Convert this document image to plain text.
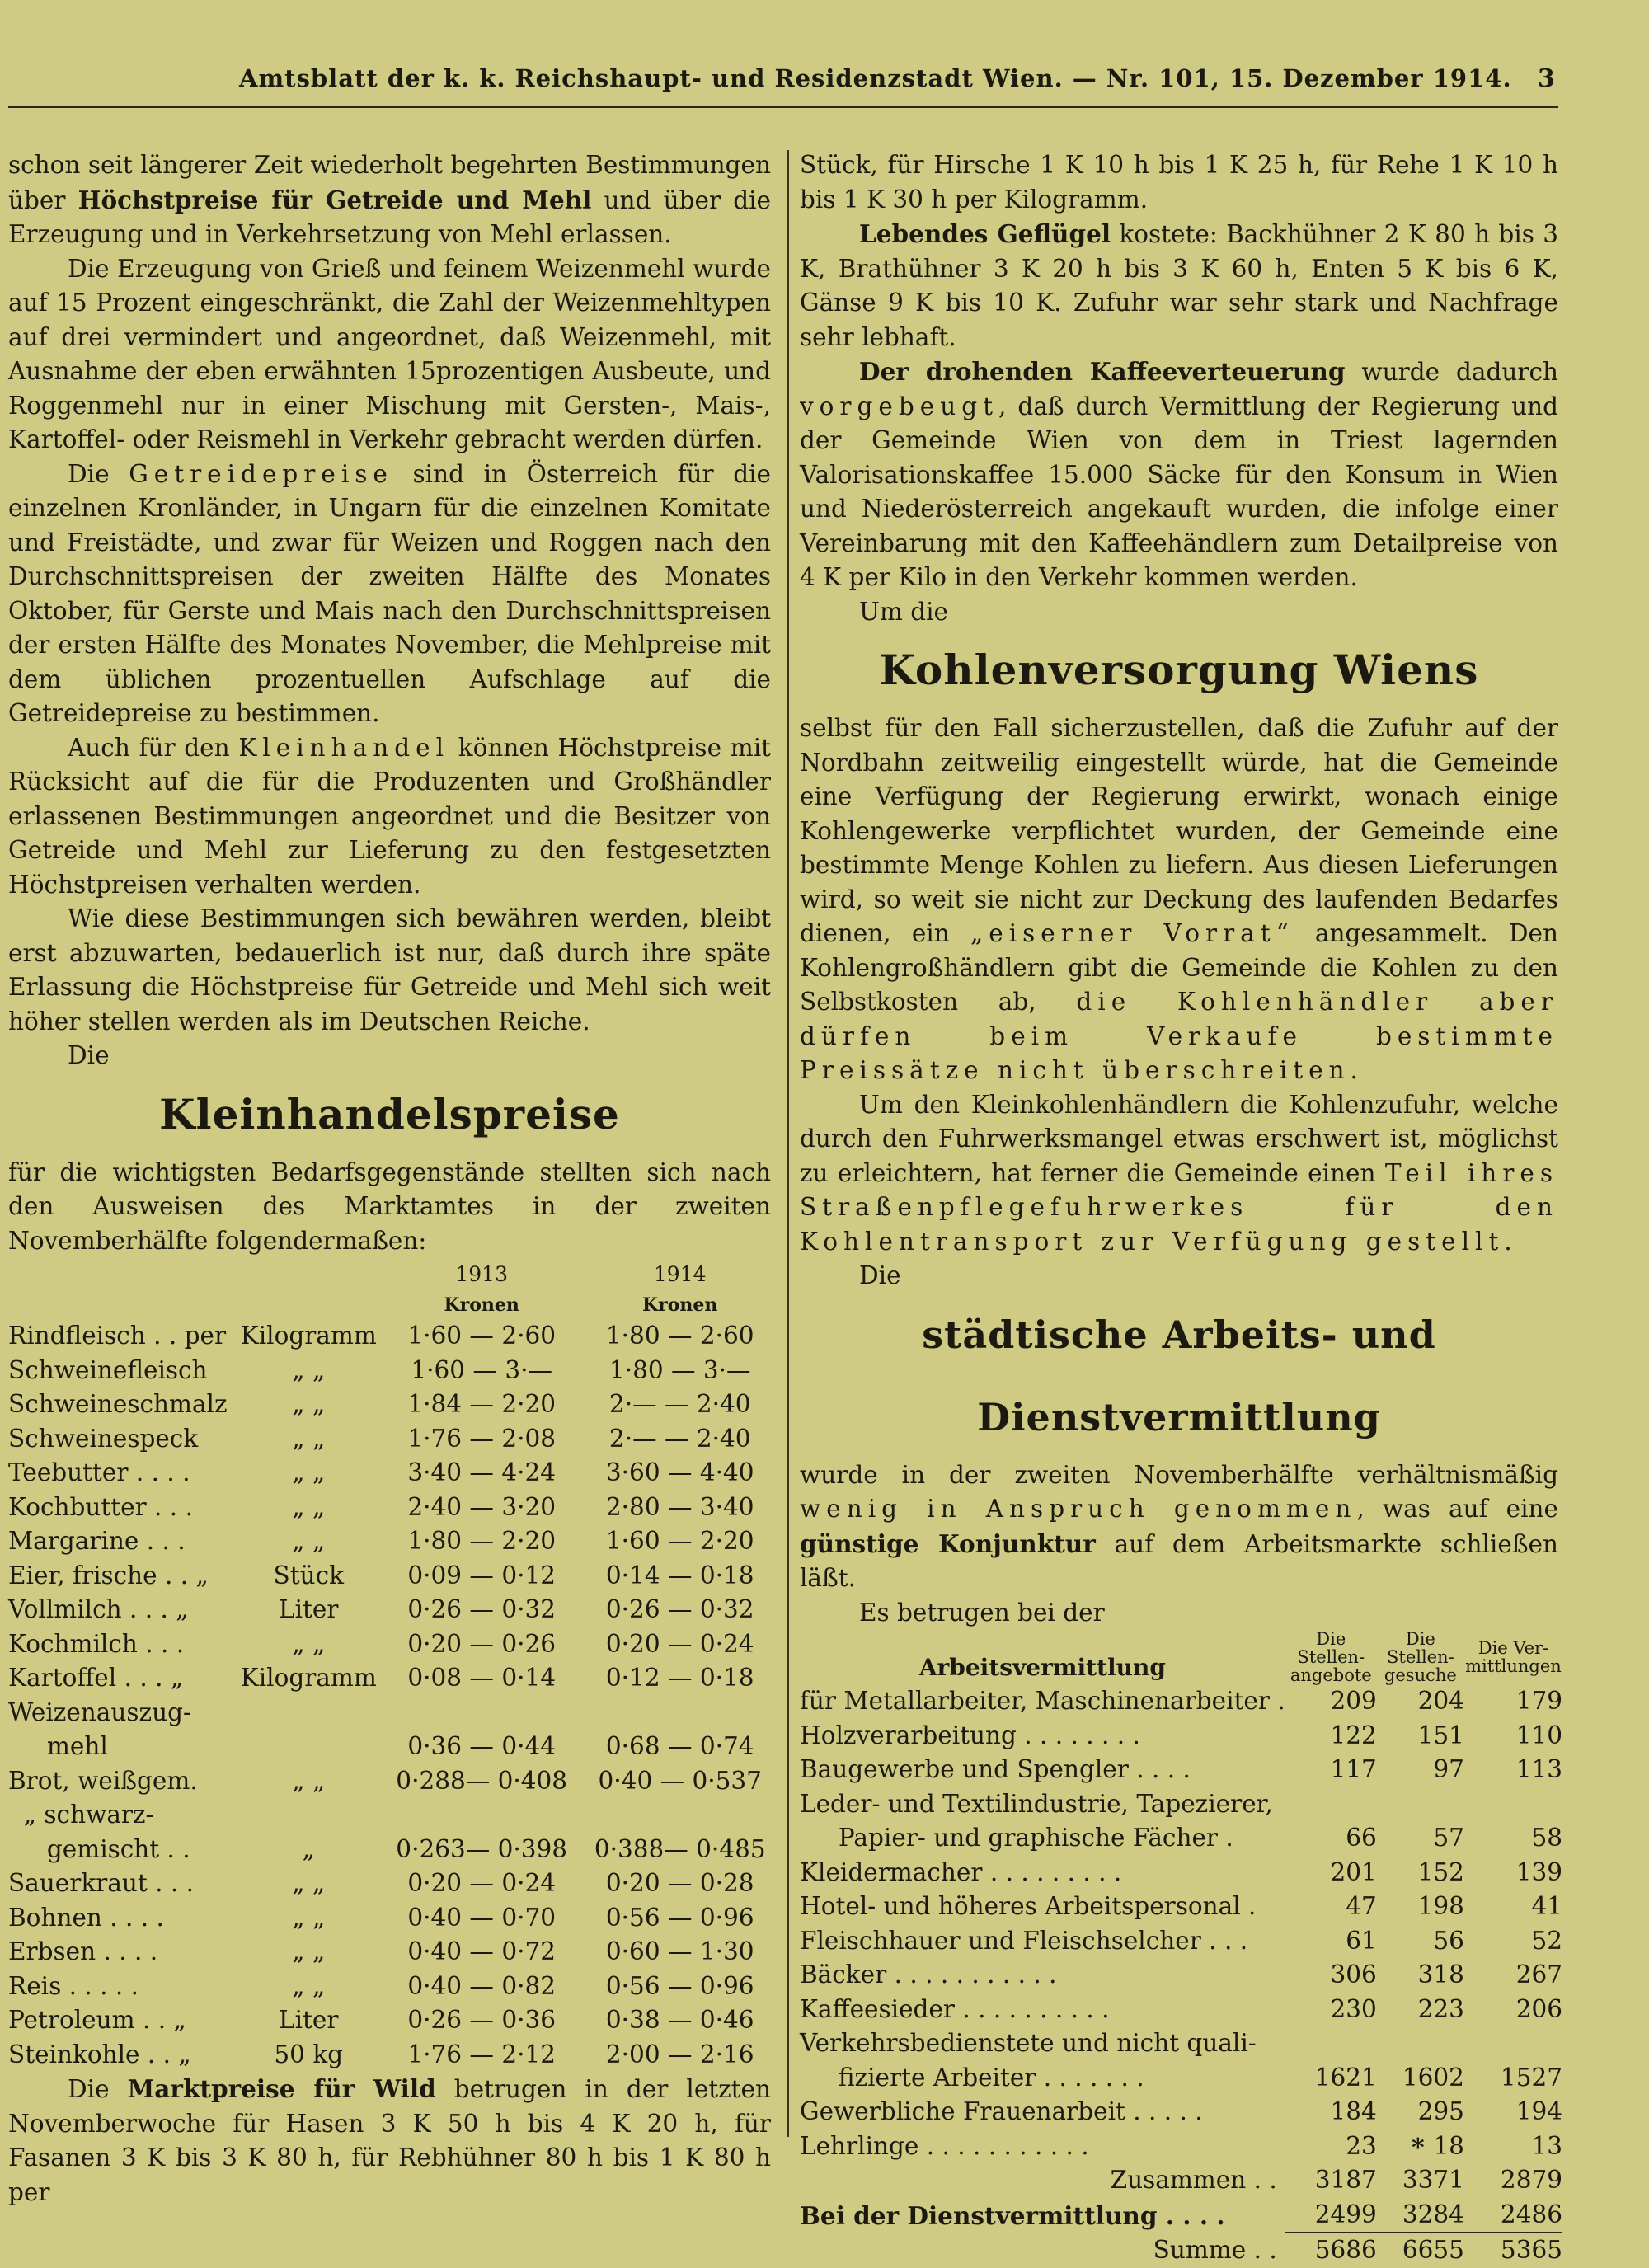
Amtsblatt der k. k. Reichshaupt- und Residenzstadt Wien. — Nr. 101, 15. Dezember 1914. 3

schon seit längerer Zeit wiederholt begehrten Bestimmungen über Höchstpreise für Getreide und Mehl und über die Erzeugung und in Verkehrsetzung von Mehl erlassen.

Die Erzeugung von Grieß und feinem Weizenmehl wurde auf 15 Prozent eingeschränkt, die Zahl der Weizenmehltypen auf drei vermindert und angeordnet, daß Weizenmehl, mit Ausnahme der eben erwähnten 15prozentigen Ausbeute, und Roggenmehl nur in einer Mischung mit Gersten-, Mais-, Kartoffel- oder Reismehl in Verkehr gebracht werden dürfen.

Die Getreidepreise sind in Österreich für die einzelnen Kronländer, in Ungarn für die einzelnen Komitate und Freistädte, und zwar für Weizen und Roggen nach den Durchschnittspreisen der zweiten Hälfte des Monates Oktober, für Gerste und Mais nach den Durchschnittspreisen der ersten Hälfte des Monates November, die Mehlpreise mit dem üblichen prozentuellen Aufschlage auf die Getreidepreise zu bestimmen.

Auch für den Kleinhandel können Höchstpreise mit Rücksicht auf die für die Produzenten und Großhändler erlassenen Bestimmungen angeordnet und die Besitzer von Getreide und Mehl zur Lieferung zu den festgesetzten Höchstpreisen verhalten werden.

Wie diese Bestimmungen sich bewähren werden, bleibt erst abzuwarten, bedauerlich ist nur, daß durch ihre späte Erlassung die Höchstpreise für Getreide und Mehl sich weit höher stellen werden als im Deutschen Reiche.

Die

Kleinhandelspreise

für die wichtigsten Bedarfsgegenstände stellten sich nach den Ausweisen des Marktamtes in der zweiten Novemberhälfte folgendermaßen:

		1913	1914
		Kronen	Kronen
Rindfleisch . . per	Kilogramm	1·60 — 2·60	1·80 — 2·60
Schweinefleisch	„ „	1·60 — 3·—	1·80 — 3·—
Schweineschmalz	„ „	1·84 — 2·20	2·— — 2·40
Schweinespeck	„ „	1·76 — 2·08	2·— — 2·40
Teebutter . . . .	„ „	3·40 — 4·24	3·60 — 4·40
Kochbutter . . .	„ „	2·40 — 3·20	2·80 — 3·40
Margarine . . .	„ „	1·80 — 2·20	1·60 — 2·20
Eier, frische . . „	Stück	0·09 — 0·12	0·14 — 0·18
Vollmilch . . . „	Liter	0·26 — 0·32	0·26 — 0·32
Kochmilch . . .	„ „	0·20 — 0·26	0·20 — 0·24
Kartoffel . . . „	Kilogramm	0·08 — 0·14	0·12 — 0·18
Weizenauszug-			
mehl		0·36 — 0·44	0·68 — 0·74
Brot, weißgem.	„ „	0·288— 0·408	0·40 — 0·537
„ schwarz-			
gemischt . .	„	0·263— 0·398	0·388— 0·485
Sauerkraut . . .	„ „	0·20 — 0·24	0·20 — 0·28
Bohnen . . . .	„ „	0·40 — 0·70	0·56 — 0·96
Erbsen . . . .	„ „	0·40 — 0·72	0·60 — 1·30
Reis . . . . .	„ „	0·40 — 0·82	0·56 — 0·96
Petroleum . . „	Liter	0·26 — 0·36	0·38 — 0·46
Steinkohle . . „	50 kg	1·76 — 2·12	2·00 — 2·16

Die Marktpreise für Wild betrugen in der letzten Novemberwoche für Hasen 3 K 50 h bis 4 K 20 h, für Fasanen 3 K bis 3 K 80 h, für Rebhühner 80 h bis 1 K 80 h per

Stück, für Hirsche 1 K 10 h bis 1 K 25 h, für Rehe 1 K 10 h bis 1 K 30 h per Kilogramm.

Lebendes Geflügel kostete: Backhühner 2 K 80 h bis 3 K, Brathühner 3 K 20 h bis 3 K 60 h, Enten 5 K bis 6 K, Gänse 9 K bis 10 K. Zufuhr war sehr stark und Nachfrage sehr lebhaft.

Der drohenden Kaffeeverteuerung wurde dadurch vorgebeugt, daß durch Vermittlung der Regierung und der Gemeinde Wien von dem in Triest lagernden Valorisationskaffee 15.000 Säcke für den Konsum in Wien und Niederösterreich angekauft wurden, die infolge einer Vereinbarung mit den Kaffeehändlern zum Detailpreise von 4 K per Kilo in den Verkehr kommen werden.

Um die

Kohlenversorgung Wiens

selbst für den Fall sicherzustellen, daß die Zufuhr auf der Nordbahn zeitweilig eingestellt würde, hat die Gemeinde eine Verfügung der Regierung erwirkt, wonach einige Kohlengewerke verpflichtet wurden, der Gemeinde eine bestimmte Menge Kohlen zu liefern. Aus diesen Lieferungen wird, so weit sie nicht zur Deckung des laufenden Bedarfes dienen, ein „eiserner Vorrat“ angesammelt. Den Kohlengroßhändlern gibt die Gemeinde die Kohlen zu den Selbstkosten ab, die Kohlenhändler aber dürfen beim Verkaufe bestimmte Preissätze nicht überschreiten.

Um den Kleinkohlenhändlern die Kohlenzufuhr, welche durch den Fuhrwerksmangel etwas erschwert ist, möglichst zu erleichtern, hat ferner die Gemeinde einen Teil ihres Straßenpflegefuhrwerkes für den Kohlentransport zur Verfügung gestellt.

Die

städtische Arbeits- und Dienstvermittlung

wurde in der zweiten Novemberhälfte verhältnismäßig wenig in Anspruch genommen, was auf eine günstige Konjunktur auf dem Arbeitsmarkte schließen läßt.

Es betrugen bei der

Arbeitsvermittlung	Die Stellen-angebote	Die Stellen-gesuche	Die Ver-mittlungen
für Metallarbeiter, Maschinenarbeiter .	209	204	179
Holzverarbeitung . . . . . . . .	122	151	110
Baugewerbe und Spengler . . . .	117	97	113
Leder- und Textilindustrie, Tapezierer,			
Papier- und graphische Fächer .	66	57	58
Kleidermacher . . . . . . . . .	201	152	139
Hotel- und höheres Arbeitspersonal .	47	198	41
Fleischhauer und Fleischselcher . . .	61	56	52
Bäcker . . . . . . . . . . .	306	318	267
Kaffeesieder . . . . . . . . . .	230	223	206
Verkehrsbedienstete und nicht quali-			
fizierte Arbeiter . . . . . . .	1621	1602	1527
Gewerbliche Frauenarbeit . . . . .	184	295	194
Lehrlinge . . . . . . . . . . .	23	18	13
Zusammen . .	3187	3371	2879
Bei der Dienstvermittlung . . . .	2499	3284	2486
Summe . .	5686	6655	5365
*
